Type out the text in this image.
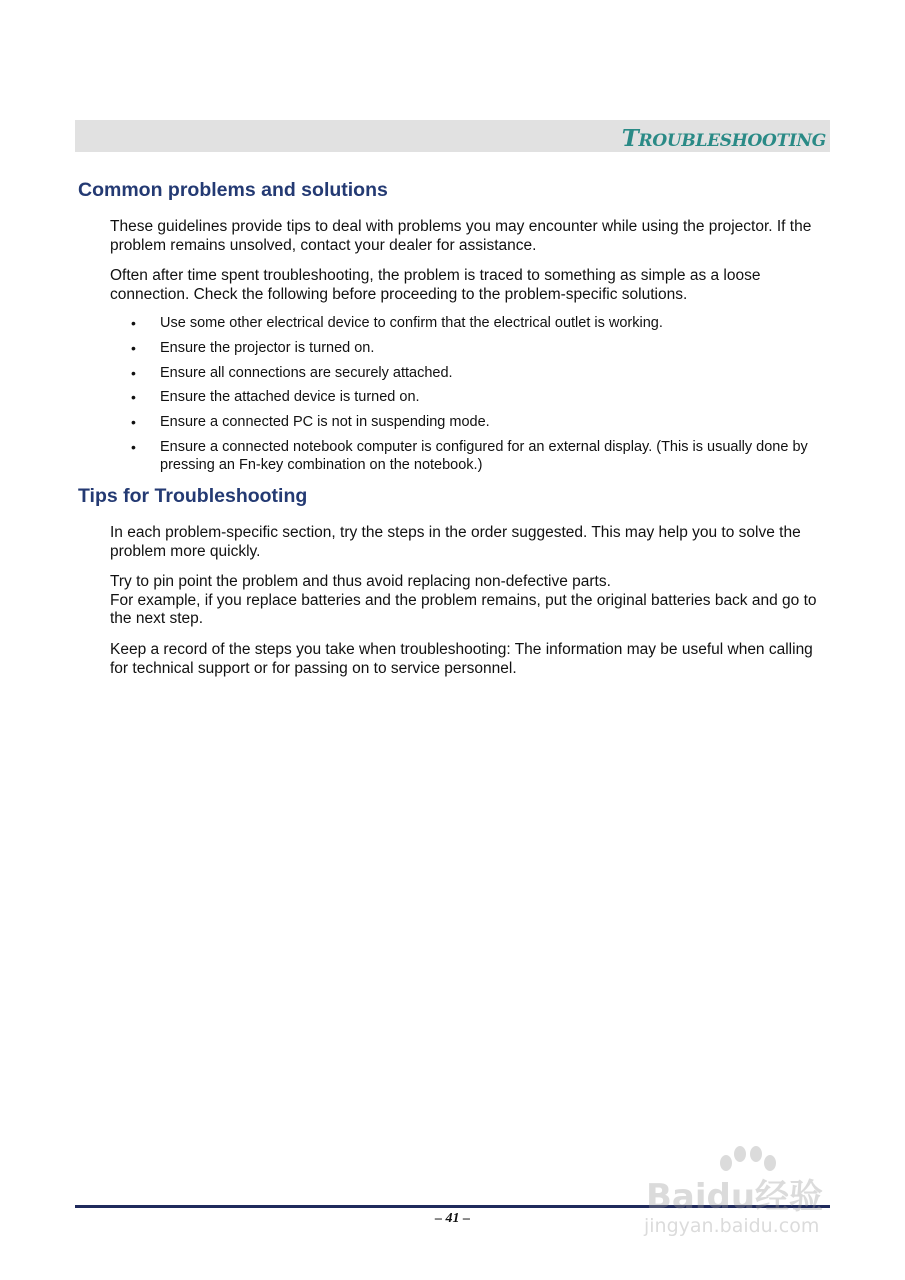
TROUBLESHOOTING
Common problems and solutions

These guidelines provide tips to deal with problems you may encounter while using the projector. If the problem remains unsolved, contact your dealer for assistance.

Often after time spent troubleshooting, the problem is traced to something as simple as a loose connection. Check the following before proceeding to the problem-specific solutions.

• Use some other electrical device to confirm that the electrical outlet is working.
• Ensure the projector is turned on.
• Ensure all connections are securely attached.
• Ensure the attached device is turned on.
• Ensure a connected PC is not in suspending mode.
• Ensure a connected notebook computer is configured for an external display. (This is usually done by pressing an Fn-key combination on the notebook.)
Tips for Troubleshooting

In each problem-specific section, try the steps in the order suggested. This may help you to solve the problem more quickly.

Try to pin point the problem and thus avoid replacing non-defective parts.
For example, if you replace batteries and the problem remains, put the original batteries back and go to the next step.

Keep a record of the steps you take when troubleshooting: The information may be useful when calling for technical support or for passing on to service personnel.

– 41 –
Baidu经验
jingyan.baidu.com
